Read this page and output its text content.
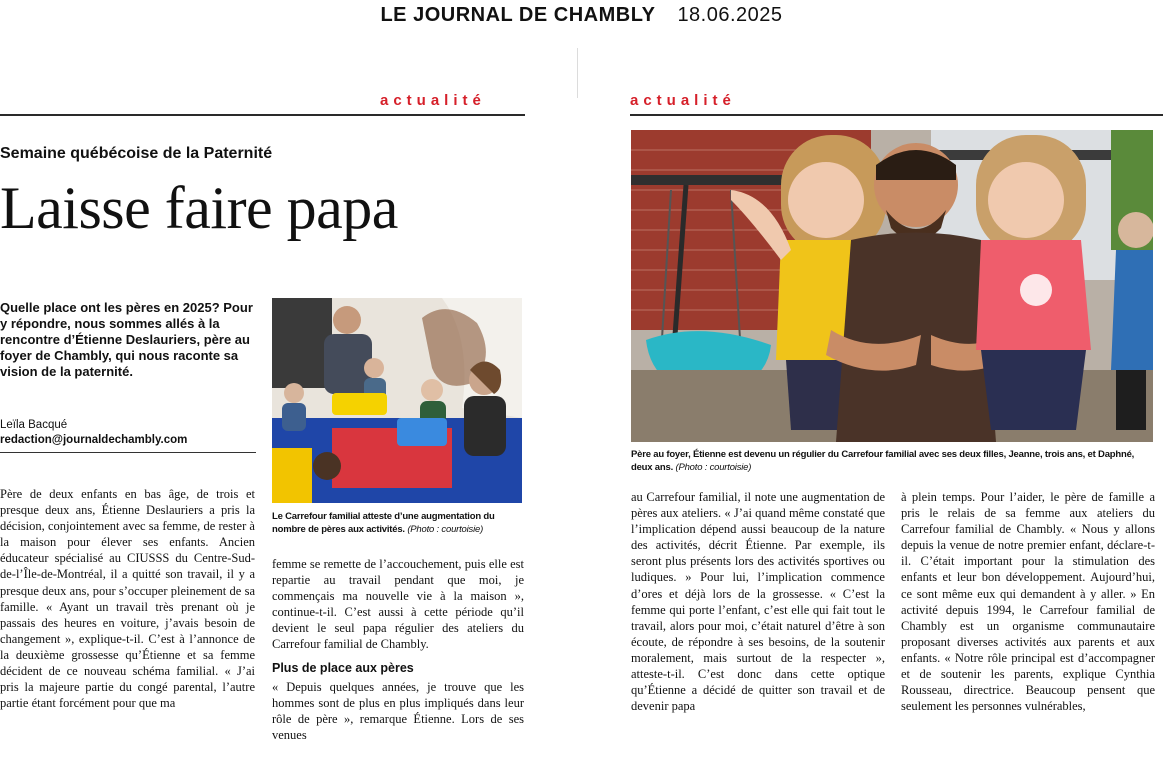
LE JOURNAL DE CHAMBLY 18.06.2025
actualité
Semaine québécoise de la Paternité
Laisse faire papa
Quelle place ont les pères en 2025? Pour y répondre, nous sommes allés à la rencontre d’Étienne Deslauriers, père au foyer de Chambly, qui nous raconte sa vision de la paternité.
Leïla Bacqué
redaction@journaldechambly.com
Le Carrefour familial atteste d’une augmentation du nombre de pères aux activités. (Photo : courtoisie)

Père de deux enfants en bas âge, de trois et presque deux ans, Étienne Deslauriers a pris la décision, conjointement avec sa femme, de rester à la maison pour élever ses enfants. Ancien éducateur spécialisé au CIUSSS du Centre-Sud-de-l’Île-de-Montréal, il a quitté son travail, il y a presque deux ans, pour s’occuper pleinement de sa famille. « Ayant un travail très prenant où je passais des heures en voiture, j’avais besoin de changement », explique-t-il. C’est à l’annonce de la deuxième grossesse qu’Étienne et sa femme décident de ce nouveau schéma familial. « J’ai pris la majeure partie du congé parental, l’autre partie étant forcément pour que ma

femme se remette de l’accouchement, puis elle est repartie au travail pendant que moi, je commençais ma nouvelle vie à la maison », continue-t-il. C’est aussi à cette période qu’il devient le seul papa régulier des ateliers du Carrefour familial de Chambly.

Plus de place aux pères

« Depuis quelques années, je trouve que les hommes sont de plus en plus impliqués dans leur rôle de père », remarque Étienne. Lors de ses venues

actualité
Père au foyer, Étienne est devenu un régulier du Carrefour familial avec ses deux filles, Jeanne, trois ans, et Daphné, deux ans. (Photo : courtoisie)

au Carrefour familial, il note une augmentation de pères aux ateliers. « J’ai quand même constaté que l’implication dépend aussi beaucoup de la nature des activités, décrit Étienne. Par exemple, ils seront plus présents lors des activités sportives ou ludiques. » Pour lui, l’implication commence d’ores et déjà lors de la grossesse. « C’est la femme qui porte l’enfant, c’est elle qui fait tout le travail, alors pour moi, c’était naturel d’être à son écoute, de répondre à ses besoins, de la soutenir moralement, mais surtout de la respecter », atteste-t-il. C’est donc dans cette optique qu’Étienne a décidé de quitter son travail et de devenir papa

à plein temps. Pour l’aider, le père de famille a pris le relais de sa femme aux ateliers du Carrefour familial de Chambly. « Nous y allons depuis la venue de notre premier enfant, déclare-t-il. C’était important pour la stimulation des enfants et leur bon développement. Aujourd’hui, ce sont même eux qui demandent à y aller. » En activité depuis 1994, le Carrefour familial de Chambly est un organisme communautaire proposant diverses activités aux parents et aux enfants. « Notre rôle principal est d’accompagner et de soutenir les parents, explique Cynthia Rousseau, directrice. Beaucoup pensent que seulement les personnes vulnérables,
